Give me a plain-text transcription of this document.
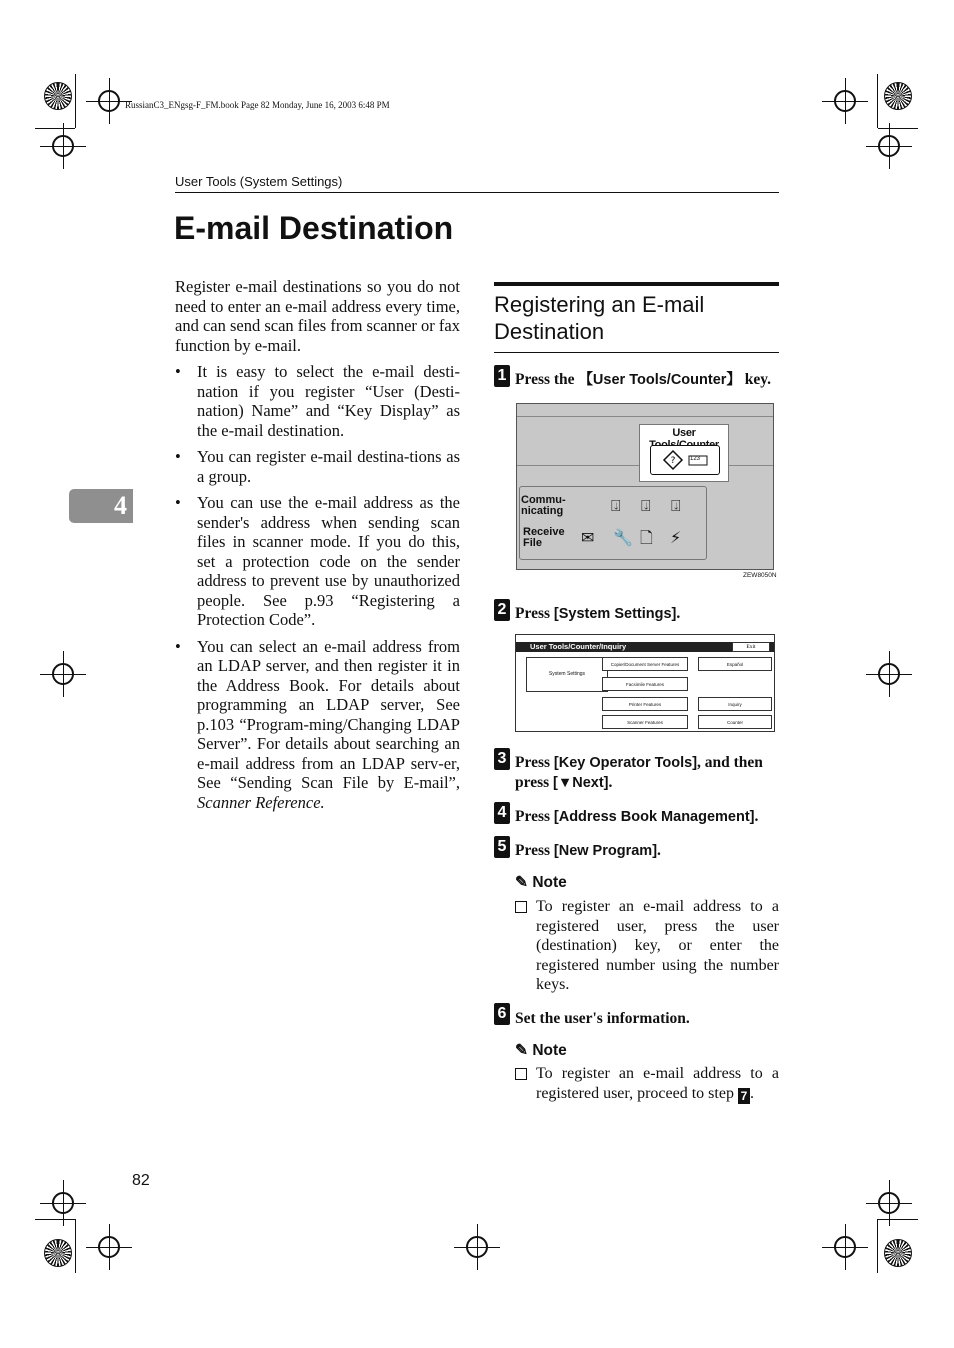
RussianC3_ENgsg-F_FM.book Page 82 Monday, June 16, 2003 6:48 PM
User Tools (System Settings)
E-mail Destination
4

Register e-mail destinations so you do not need to enter an e-mail address every time, and can send scan files from scanner or fax function by e-mail.

• It is easy to select the e-mail desti-nation if you register “User (Desti-nation) Name” and “Key Display” as the e-mail destination.
• You can register e-mail destina-tions as a group.
• You can use the e-mail address as the sender's address when sending scan files in scanner mode. If you do this, set a protection code on the sender address to prevent use by unauthorized people. See p.93 “Registering a Protection Code”.
• You can select an e-mail address from an LDAP server, and then register it in the Address Book. For details about programming an LDAP server, See p.103 “Program-ming/Changing LDAP Server”. For details about searching an e-mail address from an LDAP serv-er, See “Sending Scan File by E-mail”, Scanner Reference.
Registering an E-mail Destination
1 Press the 【User Tools/Counter】 key.
User
? 123
Commu-
nicating
Receive
File
⍗ ⍗ ⍗
✉ 🔧 🗋 ⚡
ZEW8050N
2 Press [System Settings].
User Tools/Counter/Inquiry	Exit
System Settings
Copier/Document Server Features
Facsimile Features
Printer Features
Scanner Features
Español
Inquiry
Counter
3 Press [Key Operator Tools], and then press [▼Next].
4 Press [Address Book Management].
5 Press [New Program].
✎ Note
To register an e-mail address to a registered user, press the user (destination) key, or enter the registered number using the number keys.
6 Set the user's information.
✎ Note
To register an e-mail address to a registered user, proceed to step 7 .
82
